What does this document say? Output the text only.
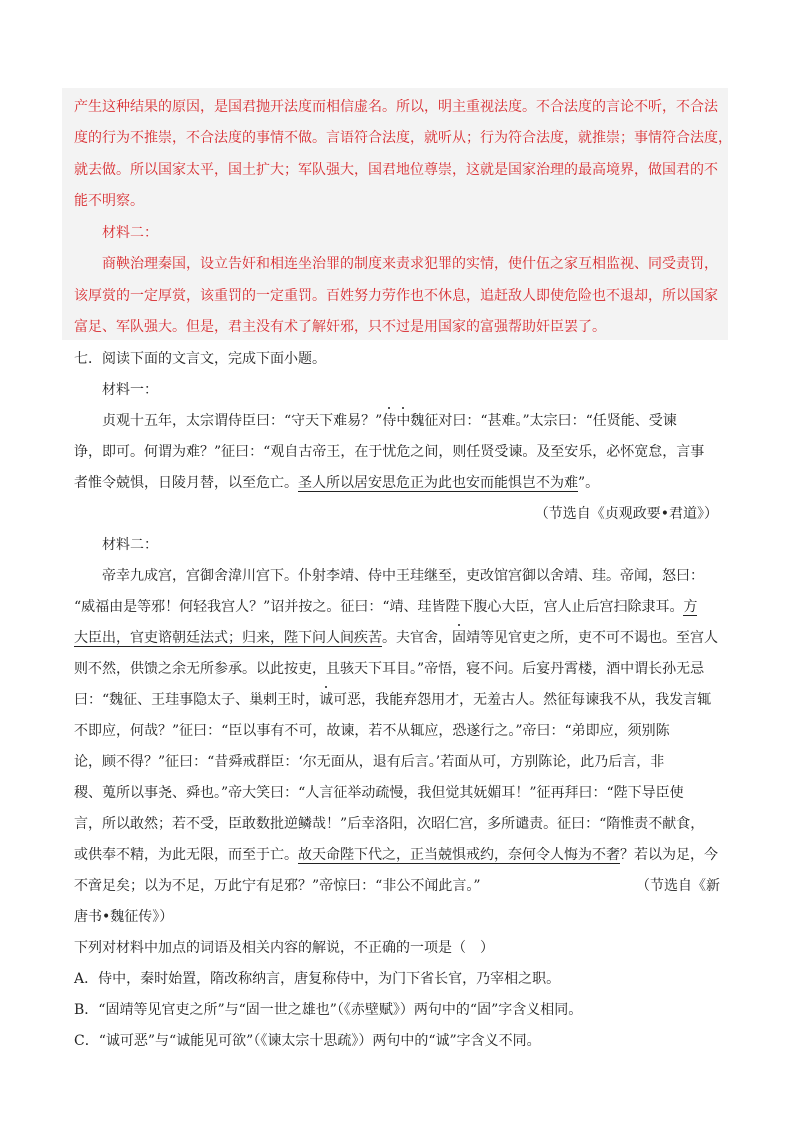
产生这种结果的原因，是国君抛开法度而相信虚名。所以，明主重视法度。不合法度的言论不听，不合法
度的行为不推崇，不合法度的事情不做。言语符合法度，就听从；行为符合法度，就推崇；事情符合法度，
就去做。所以国家太平，国土扩大；军队强大，国君地位尊崇，这就是国家治理的最高境界，做国君的不
能不明察。
材料二：
商鞅治理秦国，设立告奸和相连坐治罪的制度来责求犯罪的实情，使什伍之家互相监视、同受责罚，
该厚赏的一定厚赏，该重罚的一定重罚。百姓努力劳作也不休息，追赶敌人即使危险也不退却，所以国家
富足、军队强大。但是，君主没有术了解奸邪，只不过是用国家的富强帮助奸臣罢了。
七．阅读下面的文言文，完成下面小题。
材料一：
贞观十五年，太宗谓侍臣曰：“守天下难易？”侍中魏征对曰：“甚难。”太宗曰：“任贤能、受谏
诤，即可。何谓为难？”征曰：“观自古帝王，在于忧危之间，则任贤受谏。及至安乐，必怀宽怠，言事
者惟令兢惧，日陵月替，以至危亡。圣人所以居安思危正为此也安而能惧岂不为难”。
（节选自《贞观政要•君道》）
材料二：
帝幸九成宫，宫御舍湋川宫下。仆射李靖、侍中王珪继至，吏改馆宫御以舍靖、珪。帝闻，怒曰：
“威福由是等邪！何轻我宫人？”诏并按之。征曰：“靖、珪皆陛下腹心大臣，宫人止后宫扫除隶耳。方
大臣出，官吏谘朝廷法式；归来，陛下问人间疾苦。夫官舍，固靖等见官吏之所，吏不可不谒也。至宫人
则不然，供馈之余无所参承。以此按吏，且骇天下耳目。”帝悟，寝不问。后宴丹霄楼，酒中谓长孙无忌
曰：“魏征、王珪事隐太子、巢剌王时，诚可恶，我能弃怨用才，无羞古人。然征每谏我不从，我发言辄
不即应，何哉？”征曰：“臣以事有不可，故谏，若不从辄应，恐遂行之。”帝曰：“弟即应，须别陈
论，顾不得？”征曰：“昔舜戒群臣：‘尔无面从，退有后言。’若面从可，方别陈论，此乃后言，非
稷、蒐所以事尧、舜也。”帝大笑曰：“人言征举动疏慢，我但觉其妩媚耳！”征再拜曰：“陛下导臣使
言，所以敢然；若不受，臣敢数批逆鳞哉！”后幸洛阳，次昭仁宫，多所谴责。征曰：“隋惟责不献食，
或供奉不精，为此无限，而至于亡。故天命陛下代之，正当兢惧戒约，奈何令人悔为不奢？若以为足，今
不啻足矣；以为不足，万此宁有足邪？”帝惊曰：“非公不闻此言。”	（节选自《新
唐书•魏征传》）
下列对材料中加点的词语及相关内容的解说，不正确的一项是（　）
A．侍中，秦时始置，隋改称纳言，唐复称侍中，为门下省长官，乃宰相之职。
B．“固靖等见官吏之所”与“固一世之雄也”（《赤壁赋》）两句中的“固”字含义相同。
C．“诚可恶”与“诚能见可欲”（《谏太宗十思疏》）两句中的“诚”字含义不同。
